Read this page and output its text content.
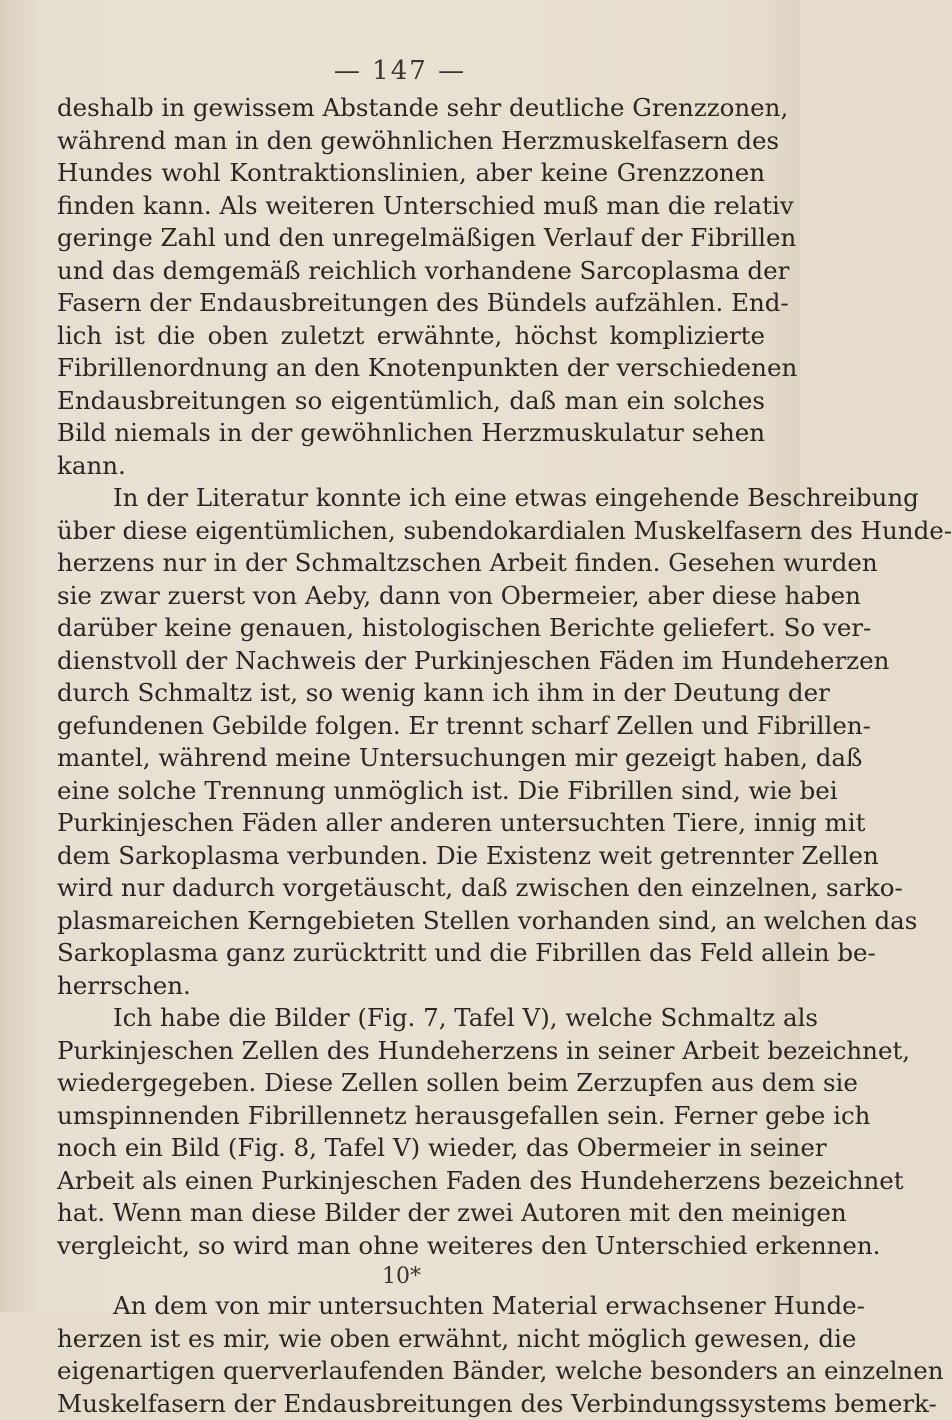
— 147 —
deshalb in gewissem Abstande sehr deutliche Grenzzonen,
während man in den gewöhnlichen Herzmuskelfasern des
Hundes wohl Kontraktionslinien, aber keine Grenzzonen
finden kann. Als weiteren Unterschied muß man die relativ
geringe Zahl und den unregelmäßigen Verlauf der Fibrillen
und das demgemäß reichlich vorhandene Sarcoplasma der
Fasern der Endausbreitungen des Bündels aufzählen. End-
lich ist die oben zuletzt erwähnte, höchst komplizierte
Fibrillenordnung an den Knotenpunkten der verschiedenen
Endausbreitungen so eigentümlich, daß man ein solches
Bild niemals in der gewöhnlichen Herzmuskulatur sehen
kann.
In der Literatur konnte ich eine etwas eingehende Beschreibung
über diese eigentümlichen, subendokardialen Muskelfasern des Hunde-
herzens nur in der Schmaltzschen Arbeit finden. Gesehen wurden
sie zwar zuerst von Aeby, dann von Obermeier, aber diese haben
darüber keine genauen, histologischen Berichte geliefert. So ver-
dienstvoll der Nachweis der Purkinjeschen Fäden im Hundeherzen
durch Schmaltz ist, so wenig kann ich ihm in der Deutung der
gefundenen Gebilde folgen. Er trennt scharf Zellen und Fibrillen-
mantel, während meine Untersuchungen mir gezeigt haben, daß
eine solche Trennung unmöglich ist. Die Fibrillen sind, wie bei
Purkinjeschen Fäden aller anderen untersuchten Tiere, innig mit
dem Sarkoplasma verbunden. Die Existenz weit getrennter Zellen
wird nur dadurch vorgetäuscht, daß zwischen den einzelnen, sarko-
plasmareichen Kerngebieten Stellen vorhanden sind, an welchen das
Sarkoplasma ganz zurücktritt und die Fibrillen das Feld allein be-
herrschen.
Ich habe die Bilder (Fig. 7, Tafel V), welche Schmaltz als
Purkinjeschen Zellen des Hundeherzens in seiner Arbeit bezeichnet,
wiedergegeben. Diese Zellen sollen beim Zerzupfen aus dem sie
umspinnenden Fibrillennetz herausgefallen sein. Ferner gebe ich
noch ein Bild (Fig. 8, Tafel V) wieder, das Obermeier in seiner
Arbeit als einen Purkinjeschen Faden des Hundeherzens bezeichnet
hat. Wenn man diese Bilder der zwei Autoren mit den meinigen
vergleicht, so wird man ohne weiteres den Unterschied erkennen.
An dem von mir untersuchten Material erwachsener Hunde-
herzen ist es mir, wie oben erwähnt, nicht möglich gewesen, die
eigenartigen querverlaufenden Bänder, welche besonders an einzelnen
Muskelfasern der Endausbreitungen des Verbindungssystems bemerk-
10*
